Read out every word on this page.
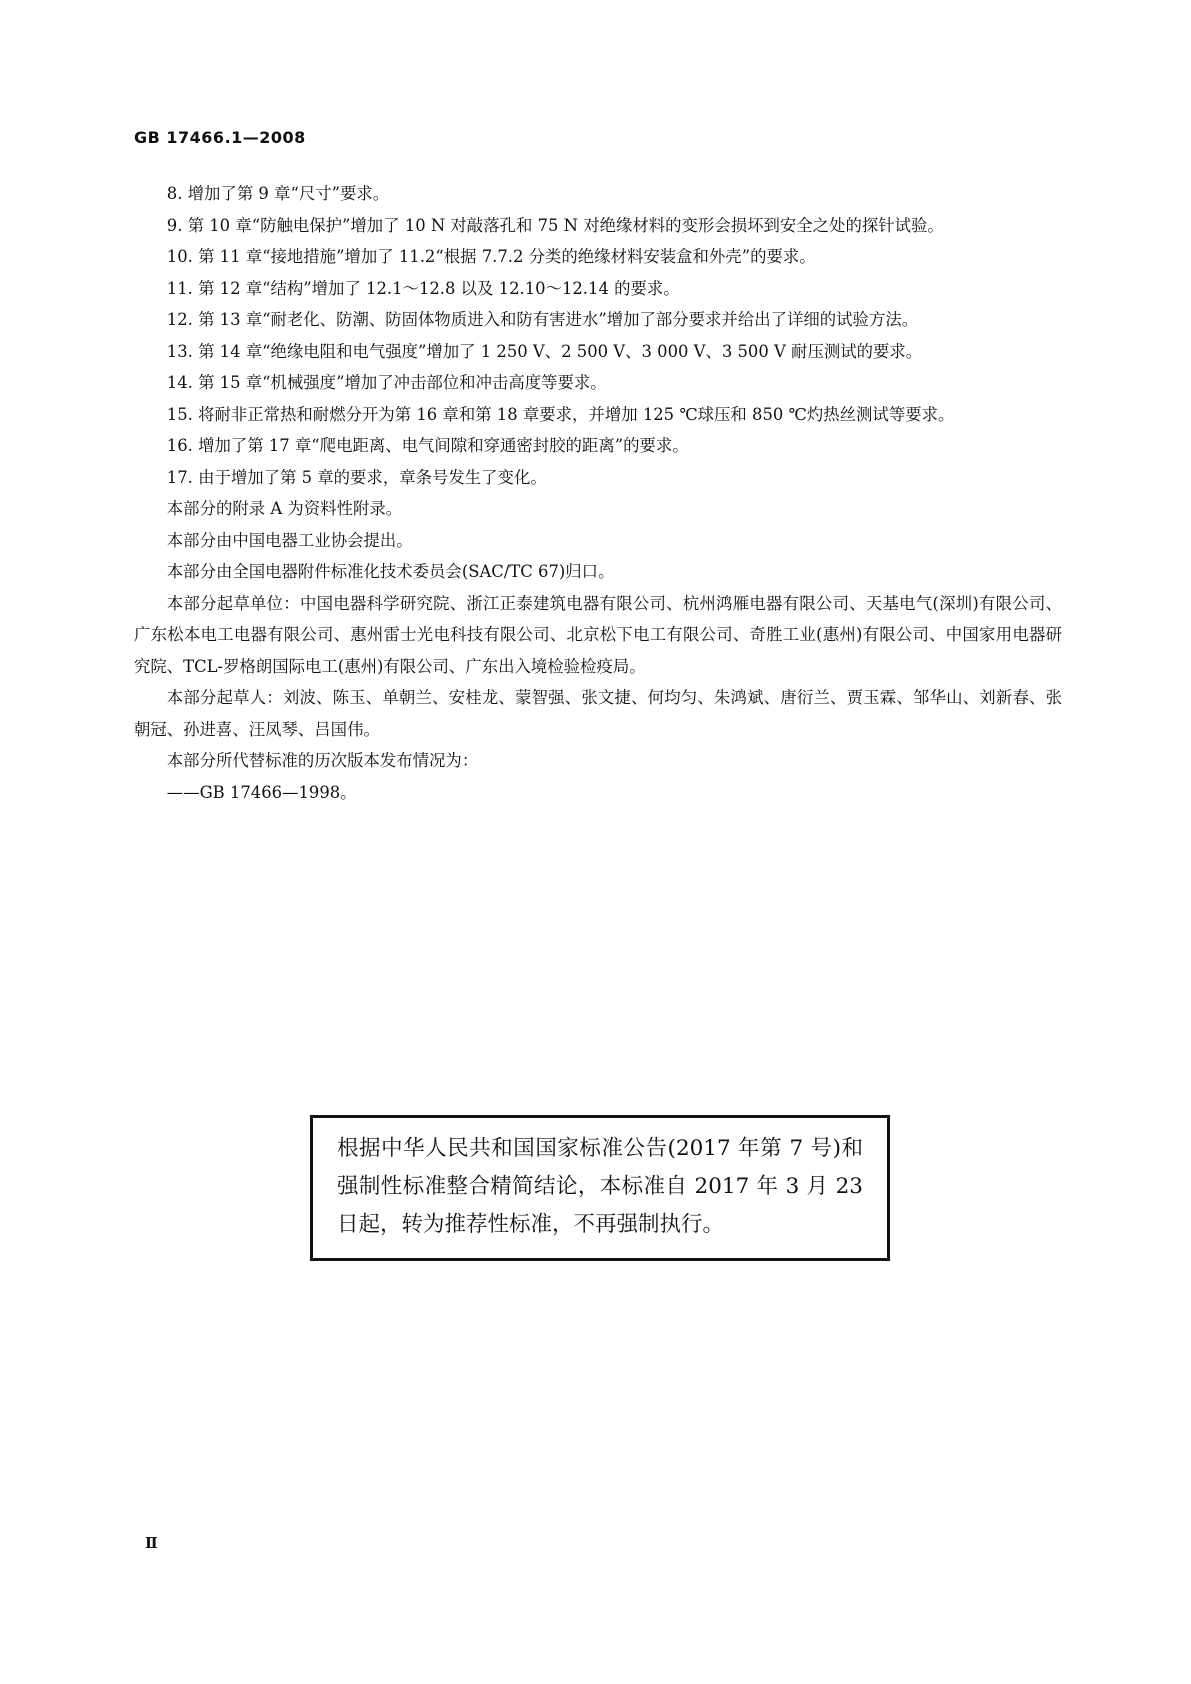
GB 17466.1—2008

8. 增加了第 9 章“尺寸”要求。

9. 第 10 章“防触电保护”增加了 10 N 对敲落孔和 75 N 对绝缘材料的变形会损坏到安全之处的探针试验。

10. 第 11 章“接地措施”增加了 11.2“根据 7.7.2 分类的绝缘材料安装盒和外壳”的要求。

11. 第 12 章“结构”增加了 12.1～12.8 以及 12.10～12.14 的要求。

12. 第 13 章“耐老化、防潮、防固体物质进入和防有害进水”增加了部分要求并给出了详细的试验方法。

13. 第 14 章“绝缘电阻和电气强度”增加了 1 250 V、2 500 V、3 000 V、3 500 V 耐压测试的要求。

14. 第 15 章“机械强度”增加了冲击部位和冲击高度等要求。

15. 将耐非正常热和耐燃分开为第 16 章和第 18 章要求，并增加 125 ℃球压和 850 ℃灼热丝测试等要求。

16. 增加了第 17 章“爬电距离、电气间隙和穿通密封胶的距离”的要求。

17. 由于增加了第 5 章的要求，章条号发生了变化。

本部分的附录 A 为资料性附录。

本部分由中国电器工业协会提出。

本部分由全国电器附件标准化技术委员会(SAC/TC 67)归口。

本部分起草单位：中国电器科学研究院、浙江正泰建筑电器有限公司、杭州鸿雁电器有限公司、天基电气(深圳)有限公司、广东松本电工电器有限公司、惠州雷士光电科技有限公司、北京松下电工有限公司、奇胜工业(惠州)有限公司、中国家用电器研究院、TCL-罗格朗国际电工(惠州)有限公司、广东出入境检验检疫局。

本部分起草人：刘波、陈玉、单朝兰、安桂龙、蒙智强、张文捷、何均匀、朱鸿斌、唐衍兰、贾玉霖、邹华山、刘新春、张朝冠、孙进喜、汪凤琴、吕国伟。

本部分所代替标准的历次版本发布情况为：

——GB 17466—1998。

根据中华人民共和国国家标准公告(2017 年第 7 号)和强制性标准整合精简结论，本标准自 2017 年 3 月 23 日起，转为推荐性标准，不再强制执行。

Ⅱ
